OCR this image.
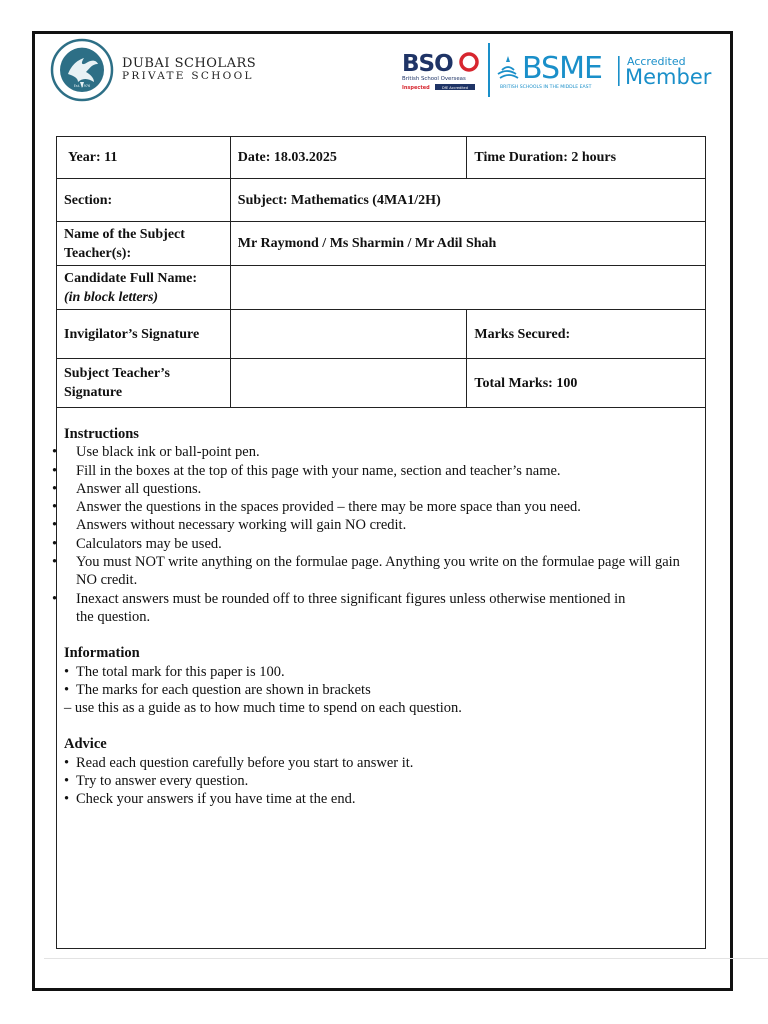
Est. 1976
DUBAI SCHOLARS
PRIVATE SCHOOL	BSO
British School Overseas
Inspected	DfE Accredited
BSME
BRITISH SCHOOLS IN THE MIDDLE EAST
Accredited
Member
Year: 11	Date: 18.03.2025	Time Duration: 2 hours
Section:	Subject: Mathematics (4MA1/2H)	
Name of the Subject Teacher(s):	Mr Raymond / Ms Sharmin / Mr Adil Shah	

Candidate Full Name:
(in block letters)		

Invigilator’s Signature		Marks Secured:
Subject Teacher’s Signature		Total Marks: 100
Instructions
• Use black ink or ball-point pen.
• Fill in the boxes at the top of this page with your name, section and teacher’s name.
• Answer all questions.
• Answer the questions in the spaces provided – there may be more space than you need.
• Answers without necessary working will gain NO credit.
• Calculators may be used.
• You must NOT write anything on the formulae page. Anything you write on the formulae page will gain NO credit.
• Inexact answers must be rounded off to three significant figures unless otherwise mentioned in the question.
Information
• The total mark for this paper is 100.
• The marks for each question are shown in brackets
– use this as a guide as to how much time to spend on each question.
Advice
• Read each question carefully before you start to answer it.
• Try to answer every question.
• Check your answers if you have time at the end.
